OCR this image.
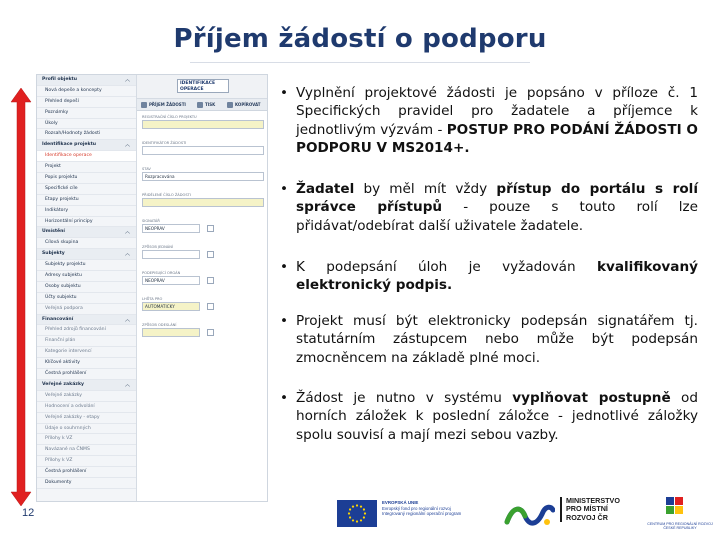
Příjem žádostí o podporu
Profil objektu ︿
Nová depeše a koncepty
Přehled depeší
Poznámky
Úkoly
Rozsah/Hodnoty žádosti
Identifikace projektu ︿
Identifikace operace
Projekt
Popis projektu
Specifické cíle
Etapy projektu
Indikátory
Horizontální principy
Umístění ︿
Cílová skupina
Subjekty ︿
Subjekty projektu
Adresy subjektu
Osoby subjektu
Účty subjektu
Veřejná podpora
Financování ︿
Přehled zdrojů financování
Finanční plán
Kategorie intervencí
Klíčové aktivity
Čestná prohlášení
Veřejné zakázky ︿
Veřejné zakázky
Hodnocení a odvolání
Veřejné zakázky - etapy
Údaje o souhrnných
Přílohy k VZ
Navázané na ČNMS
Přílohy k VZ
Čestná prohlášení
Dokumenty
IDENTIFIKACE OPERACE
PŘÍJEM ŽÁDOSTI	TISK	KOPÍROVAT
REGISTRAČNÍ ČÍSLO PROJEKTU
IDENTIFIKÁTOR ŽÁDOSTI
STAV
Rozpracována
PŘIDĚLENÉ ČÍSLO ŽÁDOSTI
SIGNATÁŘ
NEOPRAV
ZPŮSOB JEDNÁNÍ
PODEPISUJÍCÍ ORGÁN
NEOPRAV
LHŮTA PRO
AUTOMATICKY
ZPŮSOB ODESLÁNÍ
• Vyplnění projektové žádosti je popsáno v příloze č. 1 Specifických pravidel pro žadatele a příjemce k jednotlivým výzvám - POSTUP PRO PODÁNÍ ŽÁDOSTI O PODPORU V MS2014+.
• Žadatel by měl mít vždy přístup do portálu s rolí správce přístupů - pouze s touto rolí lze přidávat/odebírat další uživatele žadatele.
• K podepsání úloh je vyžadován kvalifikovaný elektronický podpis.
• Projekt musí být elektronicky podepsán signatářem tj. statutárním zástupcem nebo může být podepsán zmocněncem na základě plné moci.
• Žádost je nutno v systému vyplňovat postupně od horních záložek k poslední záložce - jednotlivé záložky spolu souvisí a mají mezi sebou vazby.
12
EVROPSKÁ UNIE
Evropský fond pro regionální rozvoj
Integrovaný regionální operační program
MINISTERSTVO
PRO MÍSTNÍ
ROZVOJ ČR
CENTRUM PRO REGIONÁLNÍ ROZVOJ ČESKÉ REPUBLIKY
